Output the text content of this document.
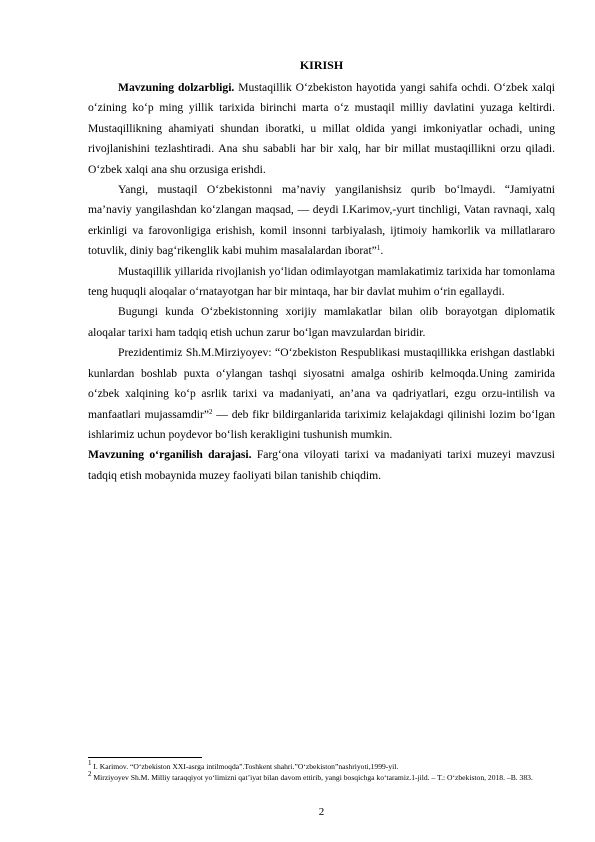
KIRISH

Mavzuning dolzarbligi. Mustaqillik O‘zbekiston hayotida yangi sahifa ochdi. O‘zbek xalqi o‘zining ko‘p ming yillik tarixida birinchi marta o‘z mustaqil milliy davlatini yuzaga keltirdi. Mustaqillikning ahamiyati shundan iboratki, u millat oldida yangi imkoniyatlar ochadi, uning rivojlanishini tezlashtiradi. Ana shu sababli har bir xalq, har bir millat mustaqillikni orzu qiladi. O‘zbek xalqi ana shu orzusiga erishdi.

Yangi, mustaqil O‘zbekistonni ma’naviy yangilanishsiz qurib bo‘lmaydi. “Jamiyatni ma’naviy yangilashdan ko‘zlangan maqsad, — deydi I.Karimov,-yurt tinchligi, Vatan ravnaqi, xalq erkinligi va farovonligiga erishish, komil insonni tarbiyalash, ijtimoiy hamkorlik va millatlararo totuvlik, diniy bag‘rikenglik kabi muhim masalalardan iborat”$^1$.

Mustaqillik yillarida rivojlanish yo‘lidan odimlayotgan mamlakatimiz tarixida har tomonlama teng huquqli aloqalar o‘rnatayotgan har bir mintaqa, har bir davlat muhim o‘rin egallaydi.

Bugungi kunda O‘zbekistonning xorijiy mamlakatlar bilan olib borayotgan diplomatik aloqalar tarixi ham tadqiq etish uchun zarur bo‘lgan mavzulardan biridir.

Prezidentimiz Sh.M.Mirziyoyev: “O‘zbekiston Respublikasi mustaqillikka erishgan dastlabki kunlardan boshlab puxta o‘ylangan tashqi siyosatni amalga oshirib kelmoqda.Uning zamirida o‘zbek xalqining ko‘p asrlik tarixi va madaniyati, an’ana va qadriyatlari, ezgu orzu-intilish va manfaatlari mujassamdir”$^2$ — deb fikr bildirganlarida tariximiz kelajakdagi qilinishi lozim bo‘lgan ishlarimiz uchun poydevor bo‘lish kerakligini tushunish mumkin.

Mavzuning o‘rganilish darajasi. Farg‘ona viloyati tarixi va madaniyati tarixi muzeyi mavzusi tadqiq etish mobaynida muzey faoliyati bilan tanishib chiqdim.

$^1$ I. Karimov. “O‘zbekiston XXI-asrga intilmoqda”.Toshkent shahri.”O‘zbekiston”nashriyoti,1999-yil.

$^2$ Mirziyoyev Sh.M. Milliy taraqqiyot yo‘limizni qat’iyat bilan davom ettirib, yangi bosqichga ko‘taramiz.1-jild. – T.: O‘zbekiston, 2018. –B. 383.

2
